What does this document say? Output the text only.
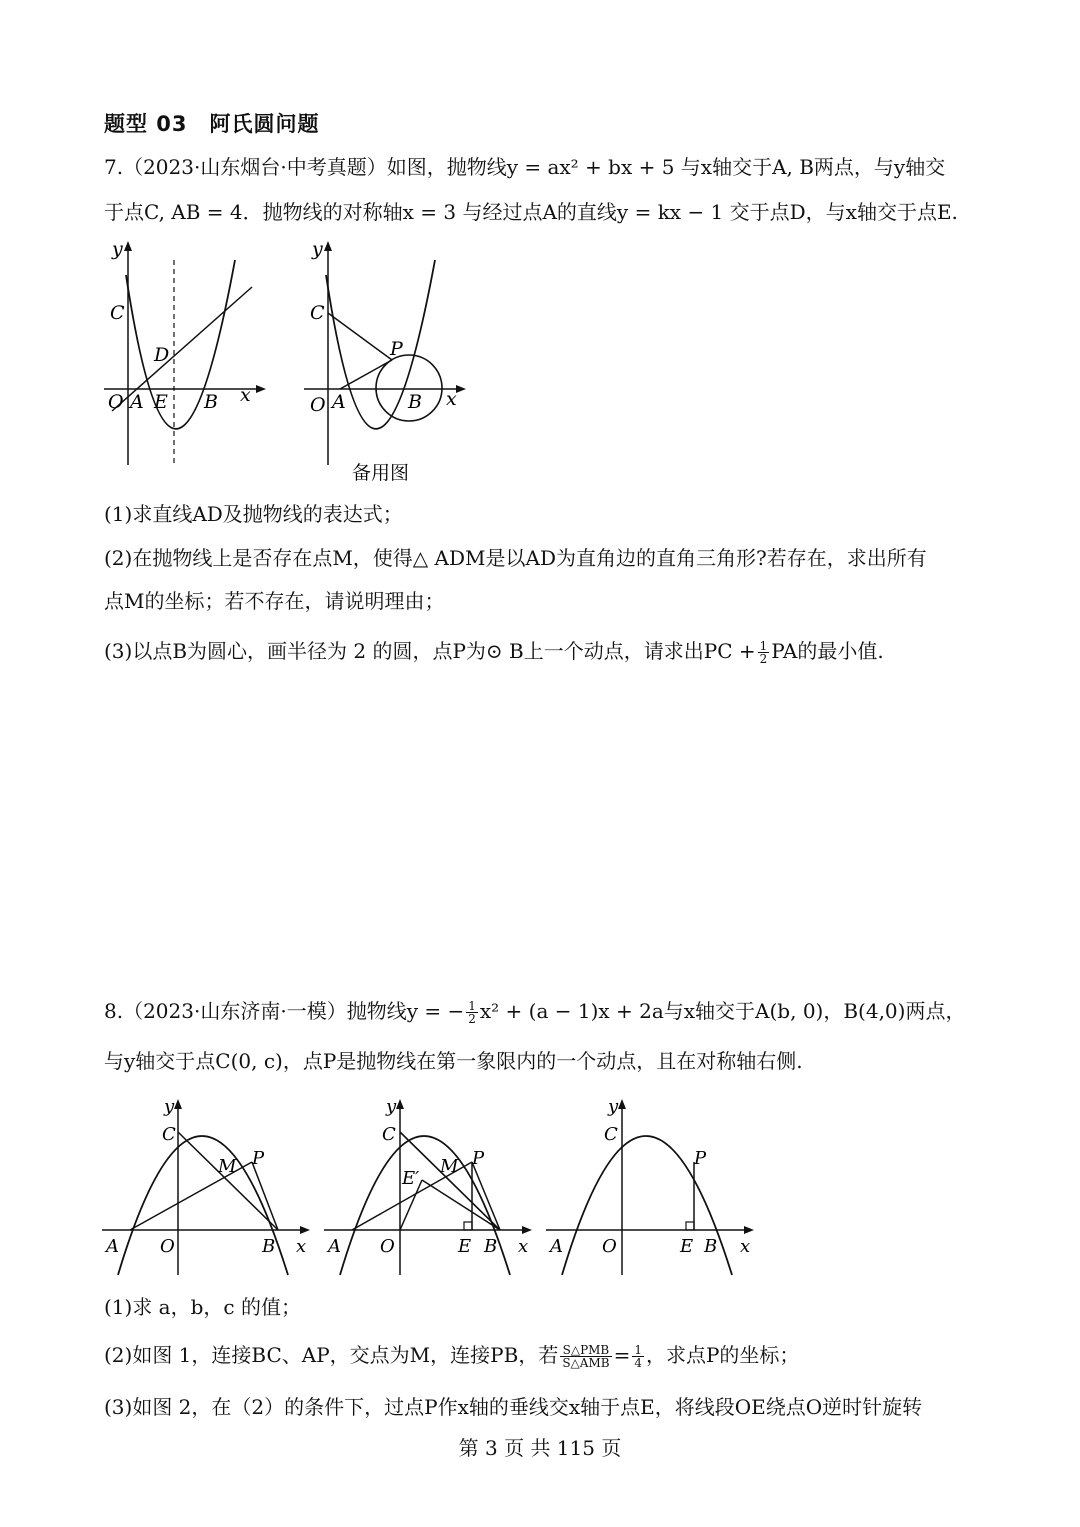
题型 03　阿氏圆问题
7.（2023·山东烟台·中考真题）如图，抛物线y = ax² + bx + 5 与x轴交于A, B两点，与y轴交
于点C, AB = 4．抛物线的对称轴x = 3 与经过点A的直线y = kx − 1 交于点D，与x轴交于点E.
y
x
C
D
O A E B
y
x
C
P
O A	B
备用图
(1)求直线AD及抛物线的表达式；
(2)在抛物线上是否存在点M，使得△ ADM是以AD为直角边的直角三角形?若存在，求出所有
点M的坐标；若不存在，请说明理由；
(3)以点B为圆心，画半径为 2 的圆，点P为⊙ B上一个动点，请求出PC + $\frac{1}{2}$ PA的最小值.
8.（2023·山东济南·一模）抛物线y = − $\frac{1}{2} x^2 + (a - 1)x + 2a$与x轴交于A(b, 0)，B(4,0)两点，
与y轴交于点C(0, c)，点P是抛物线在第一象限内的一个动点，且在对称轴右侧.
y
x
C
M P
A O	B
y
x
C
E′
M P
A O	E B
y
x
C
P
A O	E B
(1)求 a，b，c 的值；
(2)如图 1，连接BC、AP，交点为M，连接PB，若 $\frac{\text{S△PMB}}{\text{S△AMB}} = \frac{1}{4}$ ，求点P的坐标；
(3)如图 2，在（2）的条件下，过点P作x轴的垂线交x轴于点E，将线段OE绕点O逆时针旋转
第 3 页 共 115 页
